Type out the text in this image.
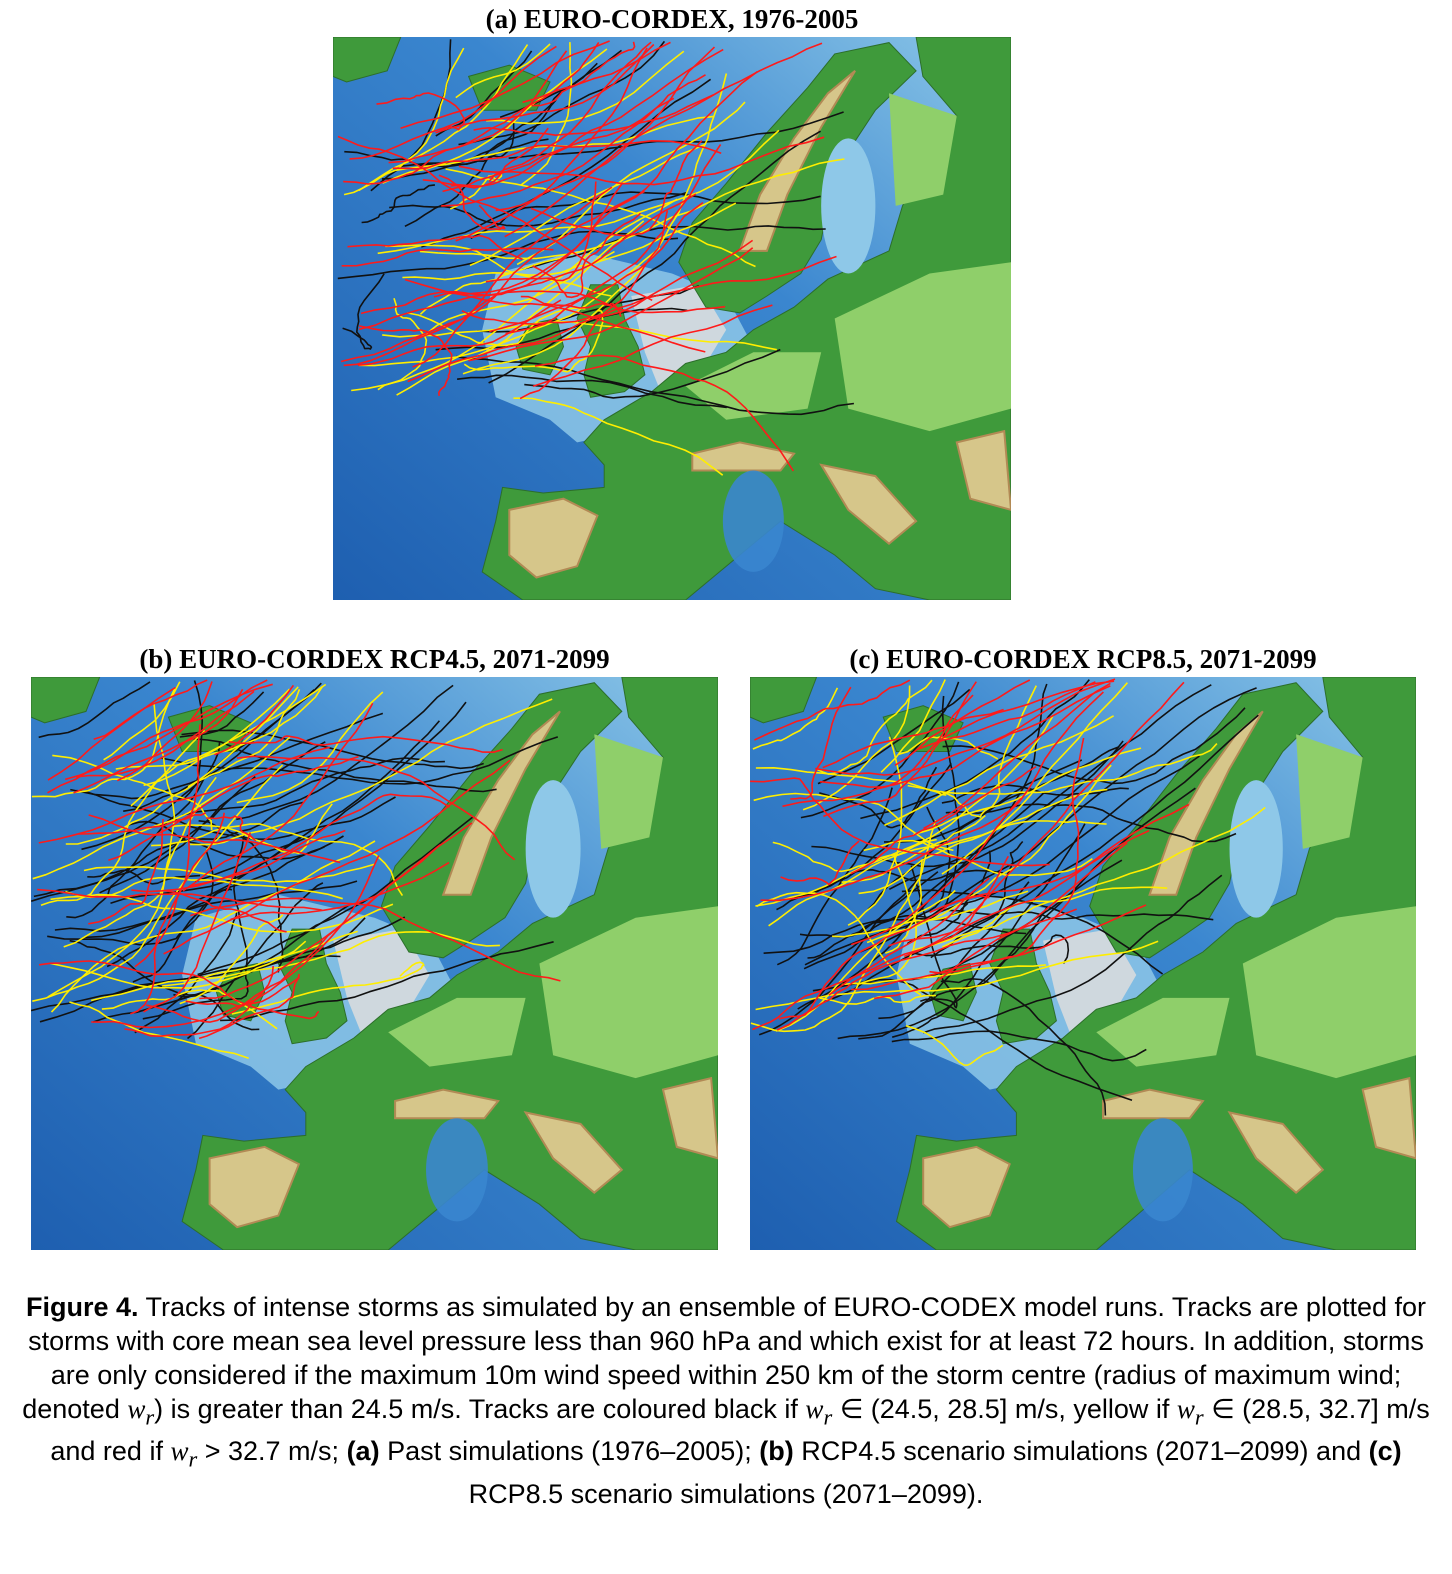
(a) EURO-CORDEX, 1976-2005
(b) EURO-CORDEX RCP4.5, 2071-2099	(c) EURO-CORDEX RCP8.5, 2071-2099

Figure 4. Tracks of intense storms as simulated by an ensemble of EURO-CODEX model runs. Tracks are plotted for storms with core mean sea level pressure less than 960 hPa and which exist for at least 72 hours. In addition, storms are only considered if the maximum 10m wind speed within 250 km of the storm centre (radius of maximum wind; denoted $w_r$) is greater than 24.5 m/s. Tracks are coloured black if $w_r$ ∈ (24.5, 28.5] m/s, yellow if $w_r$ ∈ (28.5, 32.7] m/s and red if $w_r > 32.7$ m/s; (a) Past simulations (1976–2005); (b) RCP4.5 scenario simulations (2071–2099) and (c) RCP8.5 scenario simulations (2071–2099).
